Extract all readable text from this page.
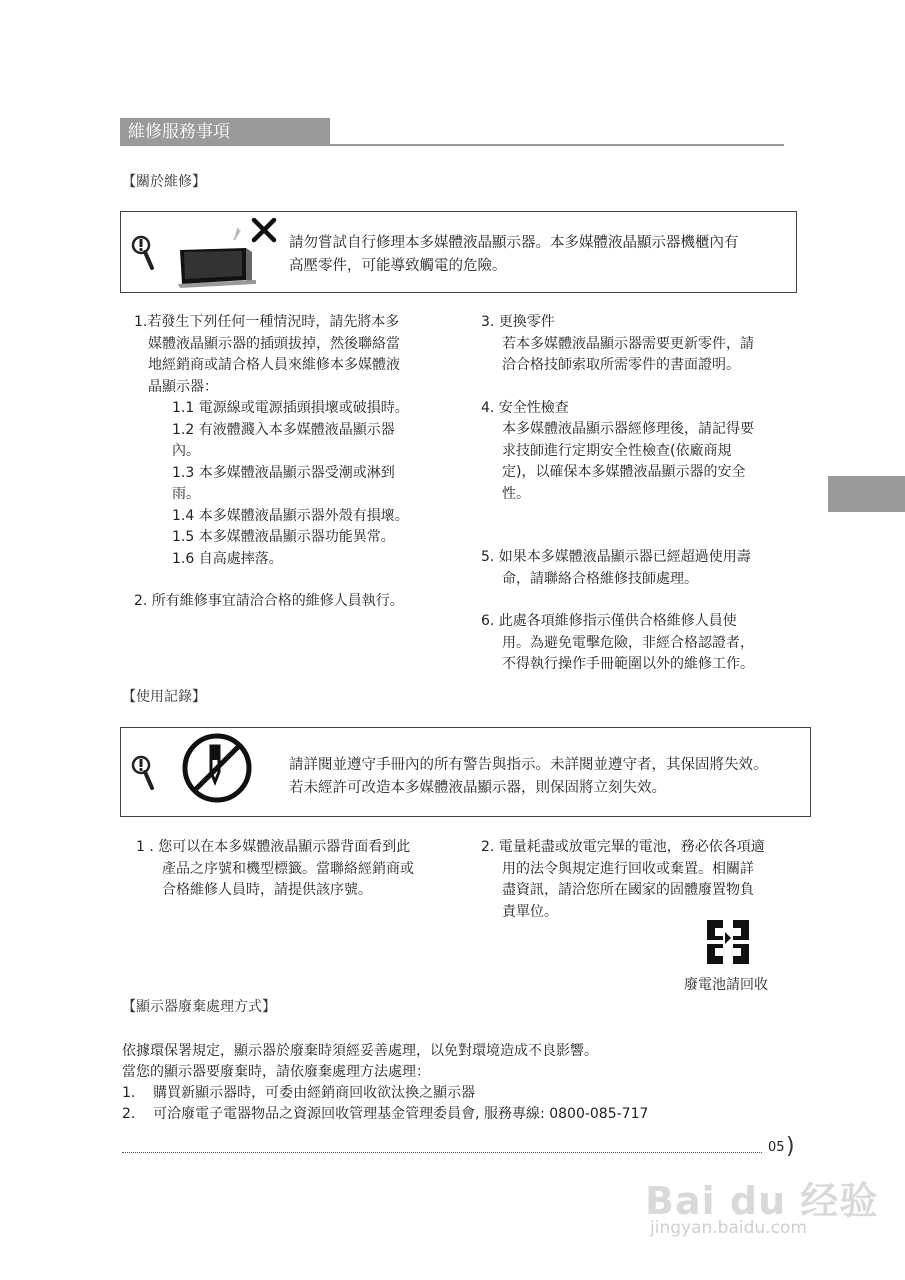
維修服務事項
【關於維修】
請勿嘗試自行修理本多媒體液晶顯示器。本多媒體液晶顯示器機櫃內有
高壓零件，可能導致觸電的危險。

1.若發生下列任何一種情況時，請先將本多

媒體液晶顯示器的插頭拔掉，然後聯絡當

地經銷商或請合格人員來維修本多媒體液

晶顯示器：

1.1 電源線或電源插頭損壞或破損時。

1.2 有液體濺入本多媒體液晶顯示器

內。

1.3 本多媒體液晶顯示器受潮或淋到

雨。

1.4 本多媒體液晶顯示器外殼有損壞。

1.5 本多媒體液晶顯示器功能異常。

1.6 自高處摔落。

2. 所有維修事宜請洽合格的維修人員執行。

3. 更換零件

若本多媒體液晶顯示器需要更新零件，請

洽合格技師索取所需零件的書面證明。

4. 安全性檢查

本多媒體液晶顯示器經修理後，請記得要

求技師進行定期安全性檢查(依廠商規

定)，以確保本多媒體液晶顯示器的安全

性。

5. 如果本多媒體液晶顯示器已經超過使用壽

命，請聯絡合格維修技師處理。

6. 此處各項維修指示僅供合格維修人員使

用。為避免電擊危險，非經合格認證者，

不得執行操作手冊範圍以外的維修工作。

【使用記錄】
請詳閱並遵守手冊內的所有警告與指示。未詳閱並遵守者，其保固將失效。
若未經許可改造本多媒體液晶顯示器，則保固將立刻失效。

1 . 您可以在本多媒體液晶顯示器背面看到此

產品之序號和機型標籤。當聯絡經銷商或

合格維修人員時，請提供該序號。

2. 電量耗盡或放電完畢的電池，務必依各項適

用的法令與規定進行回收或棄置。相關詳

盡資訊，請洽您所在國家的固體廢置物負

責單位。

廢電池請回收
【顯示器廢棄處理方式】
依據環保署規定，顯示器於廢棄時須經妥善處理，以免對環境造成不良影響。
當您的顯示器要廢棄時，請依廢棄處理方法處理：
1.    購買新顯示器時，可委由經銷商回收欲汰換之顯示器
2.    可洽廢電子電器物品之資源回收管理基金管理委員會, 服務專線: 0800-085-717
05 )
Bai du 经验
jingyan.baidu.com
